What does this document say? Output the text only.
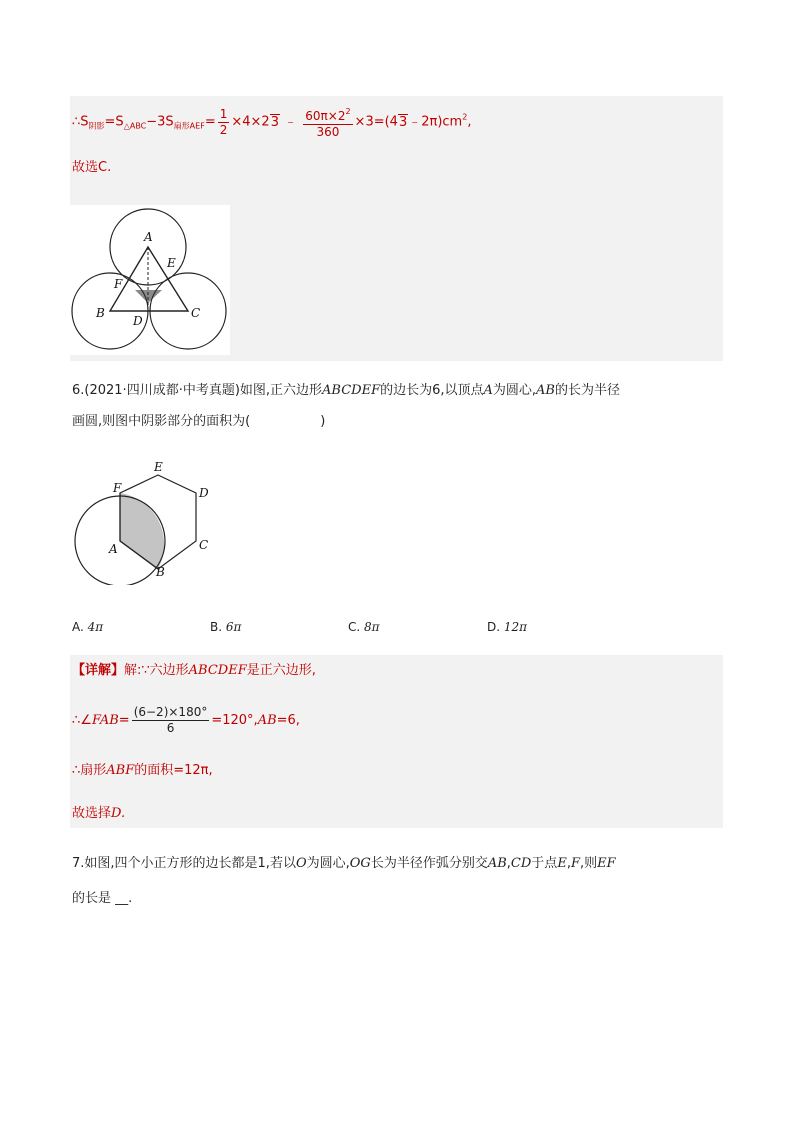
$\therefore S_{阴影}=S_{\triangle ABC}-3S_{扇形AEF}= \frac{1}{2} \times 4\times 23$ ﹣ $\frac{60\pi\times 2^2}{360}$ $\times 3=(43﹣2\pi)cm^2$,
故选C.
A
E
F
B
D
C
6.(2021·四川成都·中考真题)如图,正六边形ABCDEF的边长为6,以顶点A为圆心,AB的长为半径
画圆,则图中阴影部分的面积为(	)
E
F	D
A	C
B
A. 4π	B. 6π	C. 8π	D. 12π
【详解】解:∵六边形ABCDEF是正六边形,
∴∠FAB= $\frac{(6-2)\times 180^\circ}{6} =120^\circ,AB=6$,
∴扇形ABF的面积=12π,
故选择D.
7.如图,四个小正方形的边长都是1,若以O为圆心,OG长为半径作弧分别交AB,CD于点E,F,则EF
的长是 __.
